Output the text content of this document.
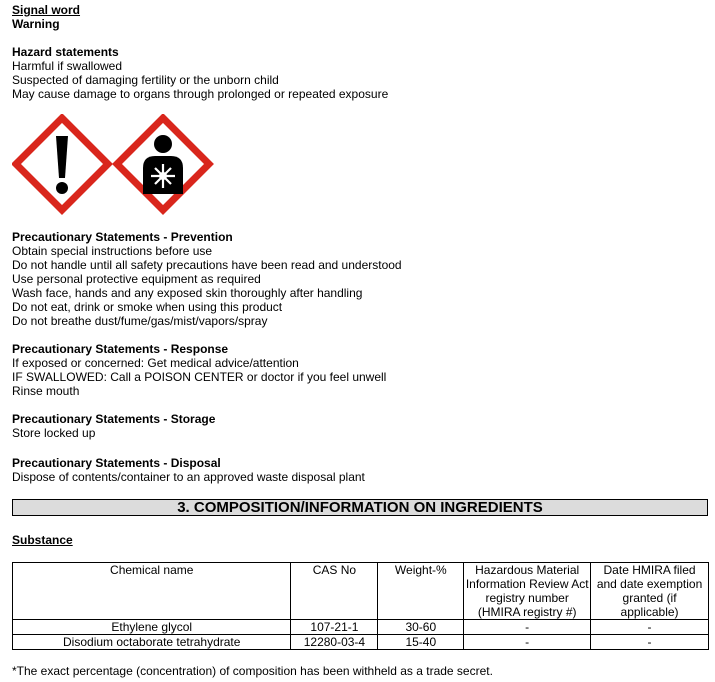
Signal word
Warning
Hazard statements
Harmful if swallowed
Suspected of damaging fertility or the unborn child
May cause damage to organs through prolonged or repeated exposure
Precautionary Statements - Prevention
Obtain special instructions before use
Do not handle until all safety precautions have been read and understood
Use personal protective equipment as required
Wash face, hands and any exposed skin thoroughly after handling
Do not eat, drink or smoke when using this product
Do not breathe dust/fume/gas/mist/vapors/spray
Precautionary Statements - Response
If exposed or concerned: Get medical advice/attention
IF SWALLOWED: Call a POISON CENTER or doctor if you feel unwell
Rinse mouth
Precautionary Statements - Storage
Store locked up
Precautionary Statements - Disposal
Dispose of contents/container to an approved waste disposal plant
3. COMPOSITION/INFORMATION ON INGREDIENTS
Substance
Chemical name	CAS No	Weight-%	Hazardous Material Information Review Act registry number (HMIRA registry #)	Date HMIRA filed and date exemption granted (if applicable)
Ethylene glycol	107-21-1	30-60	-	-
Disodium octaborate tetrahydrate	12280-03-4	15-40	-	-
*The exact percentage (concentration) of composition has been withheld as a trade secret.
